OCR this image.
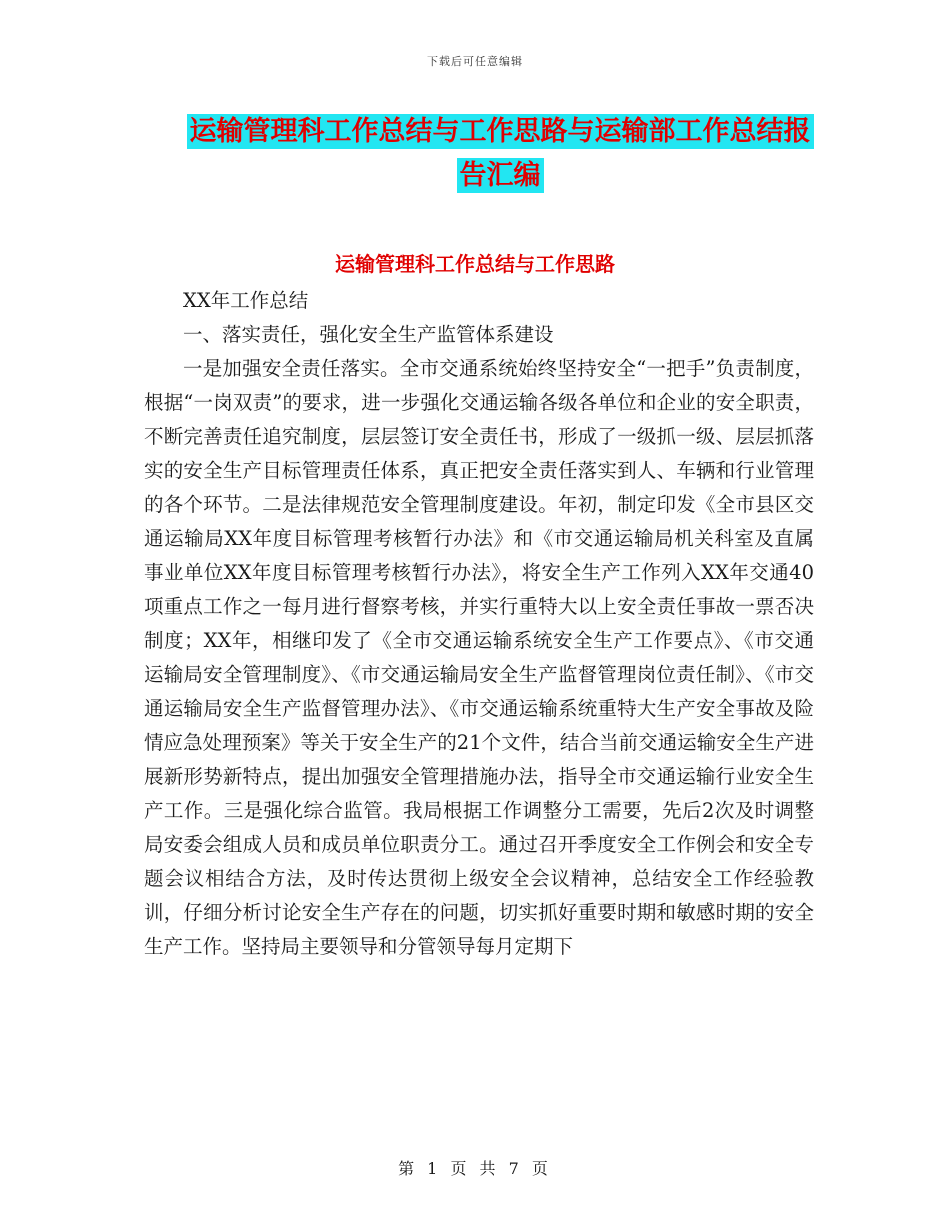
下载后可任意编辑
运输管理科工作总结与工作思路与运输部工作总结报告汇编
运输管理科工作总结与工作思路

XX年工作总结

一、落实责任，强化安全生产监管体系建设

一是加强安全责任落实。全市交通系统始终坚持安全“一把手”负责制度，根据“一岗双责”的要求，进一步强化交通运输各级各单位和企业的安全职责，不断完善责任追究制度，层层签订安全责任书，形成了一级抓一级、层层抓落实的安全生产目标管理责任体系，真正把安全责任落实到人、车辆和行业管理的各个环节。二是法律规范安全管理制度建设。年初，制定印发《全市县区交通运输局XX年度目标管理考核暂行办法》和《市交通运输局机关科室及直属事业单位XX年度目标管理考核暂行办法》，将安全生产工作列入XX年交通40项重点工作之一每月进行督察考核，并实行重特大以上安全责任事故一票否决制度；XX年，相继印发了《全市交通运输系统安全生产工作要点》、《市交通运输局安全管理制度》、《市交通运输局安全生产监督管理岗位责任制》、《市交通运输局安全生产监督管理办法》、《市交通运输系统重特大生产安全事故及险情应急处理预案》等关于安全生产的21个文件，结合当前交通运输安全生产进展新形势新特点，提出加强安全管理措施办法，指导全市交通运输行业安全生产工作。三是强化综合监管。我局根据工作调整分工需要，先后2次及时调整局安委会组成人员和成员单位职责分工。通过召开季度安全工作例会和安全专题会议相结合方法，及时传达贯彻上级安全会议精神，总结安全工作经验教训，仔细分析讨论安全生产存在的问题，切实抓好重要时期和敏感时期的安全生产工作。坚持局主要领导和分管领导每月定期下

第 1 页 共 7 页
